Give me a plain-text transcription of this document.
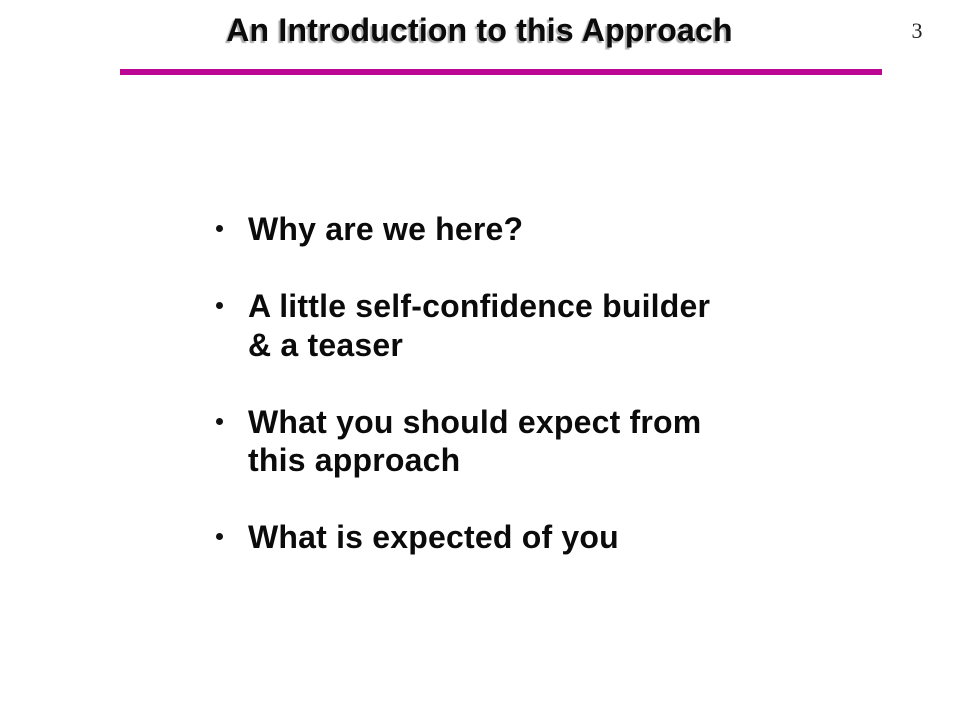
An Introduction to this Approach	3
Why are we here?
A little self-confidence builder
& a teaser
What you should expect from
this approach
What is expected of you
